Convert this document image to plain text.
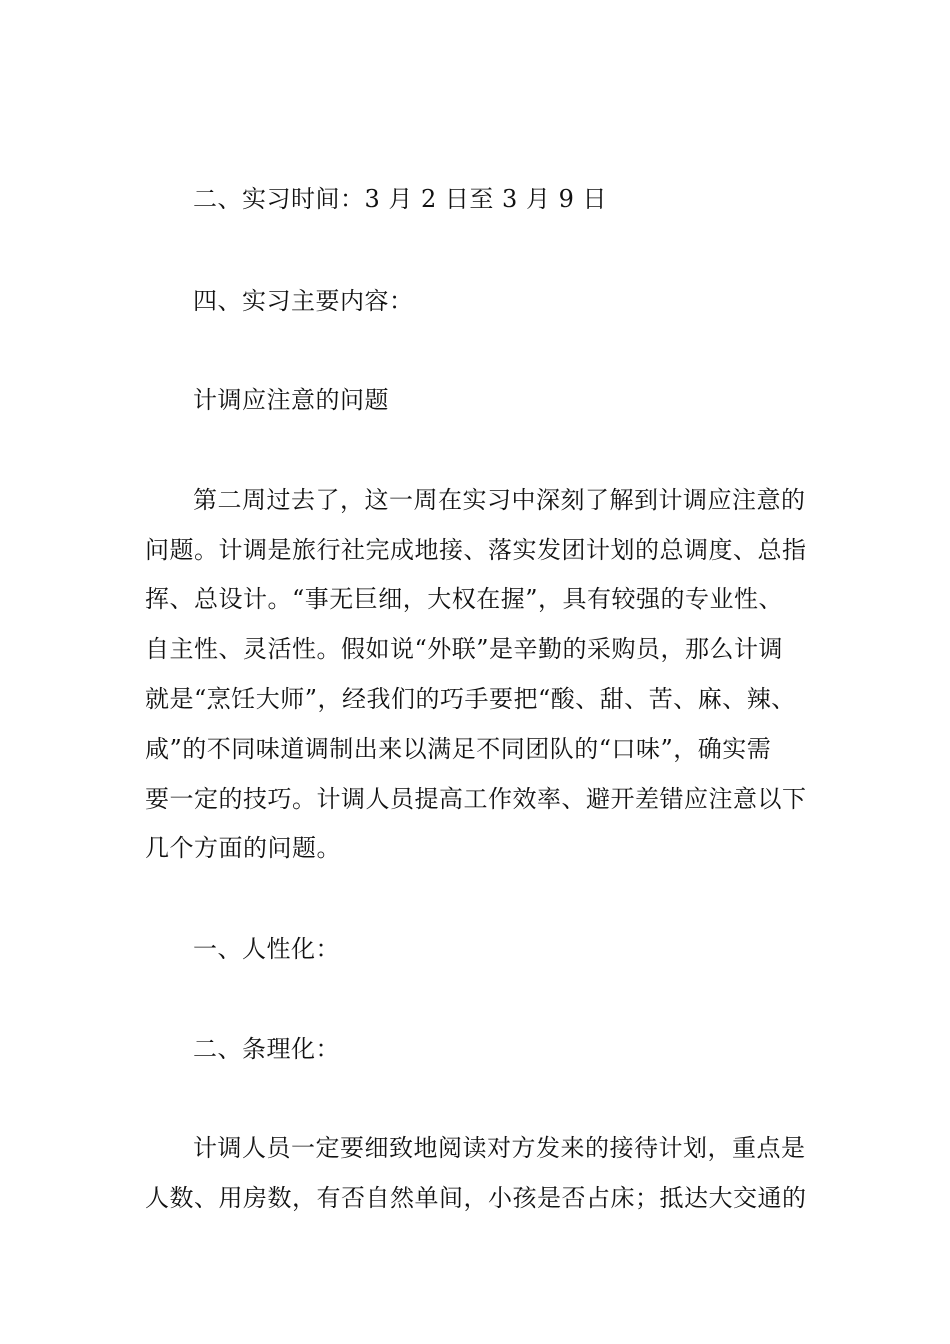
二、实习时间：3 月 2 日至 3 月 9 日
四、实习主要内容：
计调应注意的问题
第二周过去了，这一周在实习中深刻了解到计调应注意的
问题。计调是旅行社完成地接、落实发团计划的总调度、总指
挥、总设计。“事无巨细，大权在握”，具有较强的专业性、
自主性、灵活性。假如说“外联”是辛勤的采购员，那么计调
就是“烹饪大师”，经我们的巧手要把“酸、甜、苦、麻、辣、
咸”的不同味道调制出来以满足不同团队的“口味”，确实需
要一定的技巧。计调人员提高工作效率、避开差错应注意以下
几个方面的问题。
一、人性化：
二、条理化：
计调人员一定要细致地阅读对方发来的接待计划，重点是
人数、用房数，有否自然单间，小孩是否占床；抵达大交通的
